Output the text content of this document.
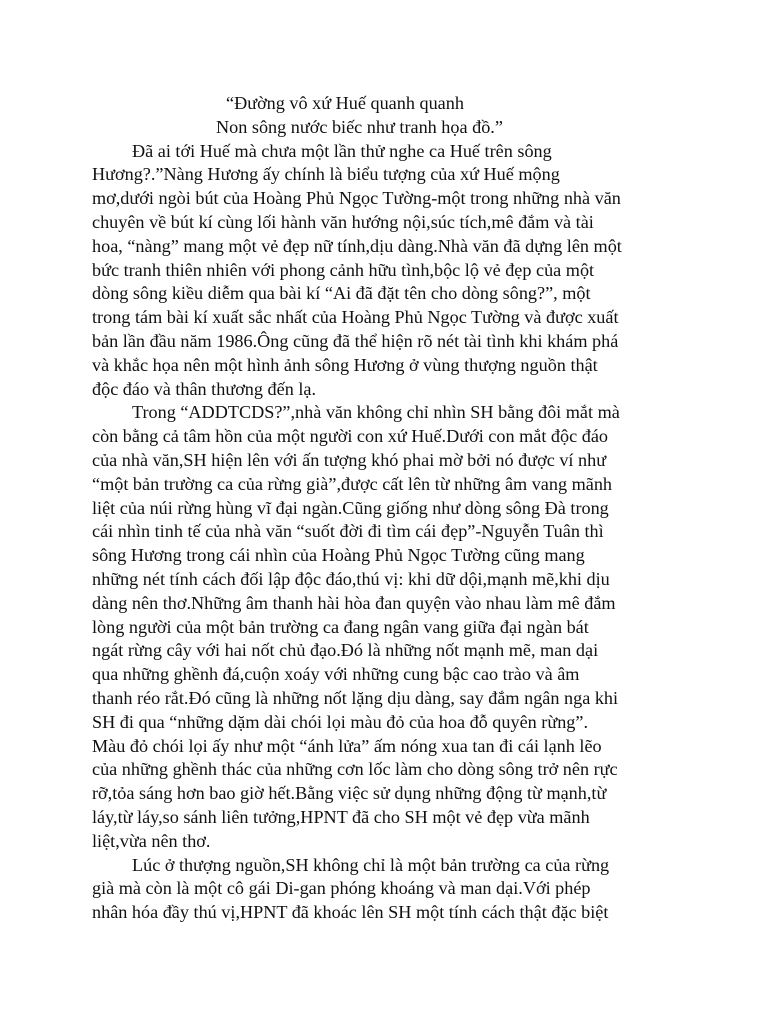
“Đường vô xứ Huế quanh quanh
Non sông nước biếc như tranh họa đồ.”
Đã ai tới Huế mà chưa một lần thử nghe ca Huế trên sông
Hương?.”Nàng Hương ấy chính là biểu tượng của xứ Huế mộng
mơ,dưới ngòi bút của Hoàng Phủ Ngọc Tường-một trong những nhà văn
chuyên về bút kí cùng lối hành văn hướng nội,súc tích,mê đắm và tài
hoa, “nàng” mang một vẻ đẹp nữ tính,dịu dàng.Nhà văn đã dựng lên một
bức tranh thiên nhiên với phong cảnh hữu tình,bộc lộ vẻ đẹp của một
dòng sông kiều diễm qua bài kí “Ai đã đặt tên cho dòng sông?”, một
trong tám bài kí xuất sắc nhất của Hoàng Phủ Ngọc Tường và được xuất
bản lần đầu năm 1986.Ông cũng đã thể hiện rõ nét tài tình khi khám phá
và khắc họa nên một hình ảnh sông Hương ở vùng thượng nguồn thật
độc đáo và thân thương đến lạ.
Trong “ADDTCDS?”,nhà văn không chỉ nhìn SH bằng đôi mắt mà
còn bằng cả tâm hồn của một người con xứ Huế.Dưới con mắt độc đáo
của nhà văn,SH hiện lên với ấn tượng khó phai mờ bởi nó được ví như
“một bản trường ca của rừng già”,được cất lên từ những âm vang mãnh
liệt của núi rừng hùng vĩ đại ngàn.Cũng giống như dòng sông Đà trong
cái nhìn tinh tế của nhà văn “suốt đời đi tìm cái đẹp”-Nguyễn Tuân thì
sông Hương trong cái nhìn của Hoàng Phủ Ngọc Tường cũng mang
những nét tính cách đối lập độc đáo,thú vị: khi dữ dội,mạnh mẽ,khi dịu
dàng nên thơ.Những âm thanh hài hòa đan quyện vào nhau làm mê đắm
lòng người của một bản trường ca đang ngân vang giữa đại ngàn bát
ngát rừng cây với hai nốt chủ đạo.Đó là những nốt mạnh mẽ, man dại
qua những ghềnh đá,cuộn xoáy với những cung bậc cao trào và âm
thanh réo rắt.Đó cũng là những nốt lặng dịu dàng, say đắm ngân nga khi
SH đi qua “những dặm dài chói lọi màu đỏ của hoa đỗ quyên rừng”.
Màu đỏ chói lọi ấy như một “ánh lửa” ấm nóng xua tan đi cái lạnh lẽo
của những ghềnh thác của những cơn lốc làm cho dòng sông trở nên rực
rỡ,tỏa sáng hơn bao giờ hết.Bằng việc sử dụng những động từ mạnh,từ
láy,từ láy,so sánh liên tưởng,HPNT đã cho SH một vẻ đẹp vừa mãnh
liệt,vừa nên thơ.
Lúc ở thượng nguồn,SH không chỉ là một bản trường ca của rừng
già mà còn là một cô gái Di-gan phóng khoáng và man dại.Với phép
nhân hóa đầy thú vị,HPNT đã khoác lên SH một tính cách thật đặc biệt
